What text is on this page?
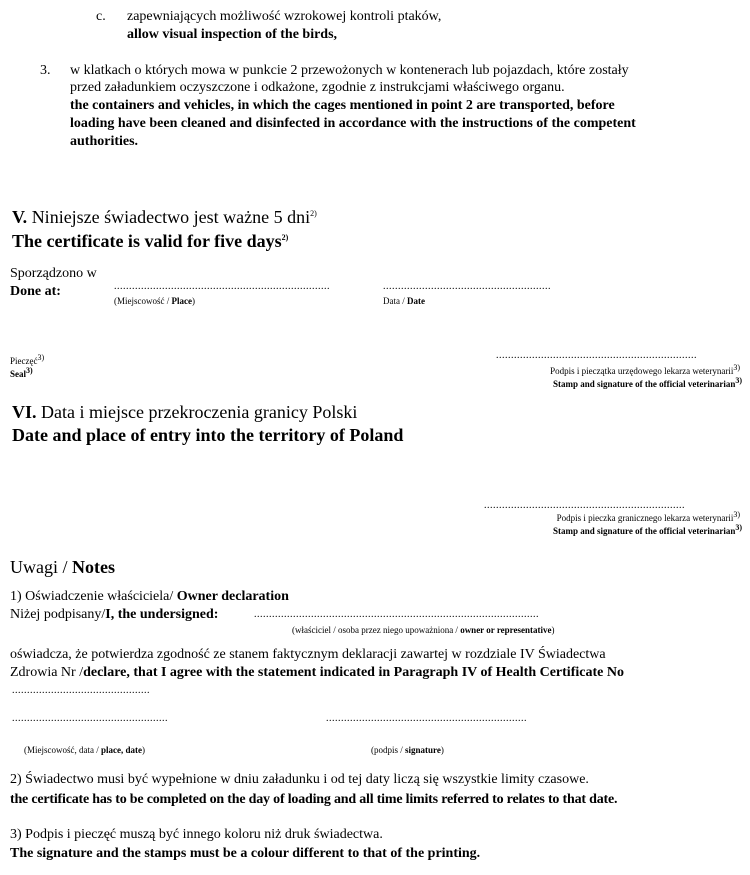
c. zapewniających możliwość wzrokowej kontroli ptaków,
allow visual inspection of the birds,
3. w klatkach o których mowa w punkcie 2 przewożonych w kontenerach lub pojazdach, które zostały
przed załadunkiem oczyszczone i odkażone, zgodnie z instrukcjami właściwego organu.
the containers and vehicles, in which the cages mentioned in point 2 are transported, before
loading have been cleaned and disinfected in accordance with the instructions of the competent
authorities.
V. Niniejsze świadectwo jest ważne 5 dni$^{2)}$
The certificate is valid for five days$^{2)}$
Sporządzono w
Done at:	........................................................................
(Miejscowość / Place)
........................................................
Data / Date
Pieczęć$^{3)}$
Seal$^{3)}$
...................................................................
Podpis i pieczątka urzędowego lekarza weterynarii$^{3)}$
Stamp and signature of the official veterinarian$^{3)}$
VI. Data i miejsce przekroczenia granicy Polski
Date and place of entry into the territory of Poland
...................................................................
Podpis i pieczka granicznego lekarza weterynarii$^{3)}$
Stamp and signature of the official veterinarian$^{3)}$
Uwagi / Notes
1) Oświadczenie właściciela/ Owner declaration
Niżej podpisany/I, the undersigned:	...............................................................................................
(właściciel / osoba przez niego upoważniona / owner or representative)
oświadcza, że potwierdza zgodność ze stanem faktycznym deklaracji zawartej w rozdziale IV Świadectwa
Zdrowia Nr /declare, that I agree with the statement indicated in Paragraph IV of Health Certificate No
..............................................
....................................................	...................................................................
(Miejscowość, data / place, date)	(podpis / signature)
2) Świadectwo musi być wypełnione w dniu załadunku i od tej daty liczą się wszystkie limity czasowe.
the certificate has to be completed on the day of loading and all time limits referred to relates to that date.
3) Podpis i pieczęć muszą być innego koloru niż druk świadectwa.
The signature and the stamps must be a colour different to that of the printing.
